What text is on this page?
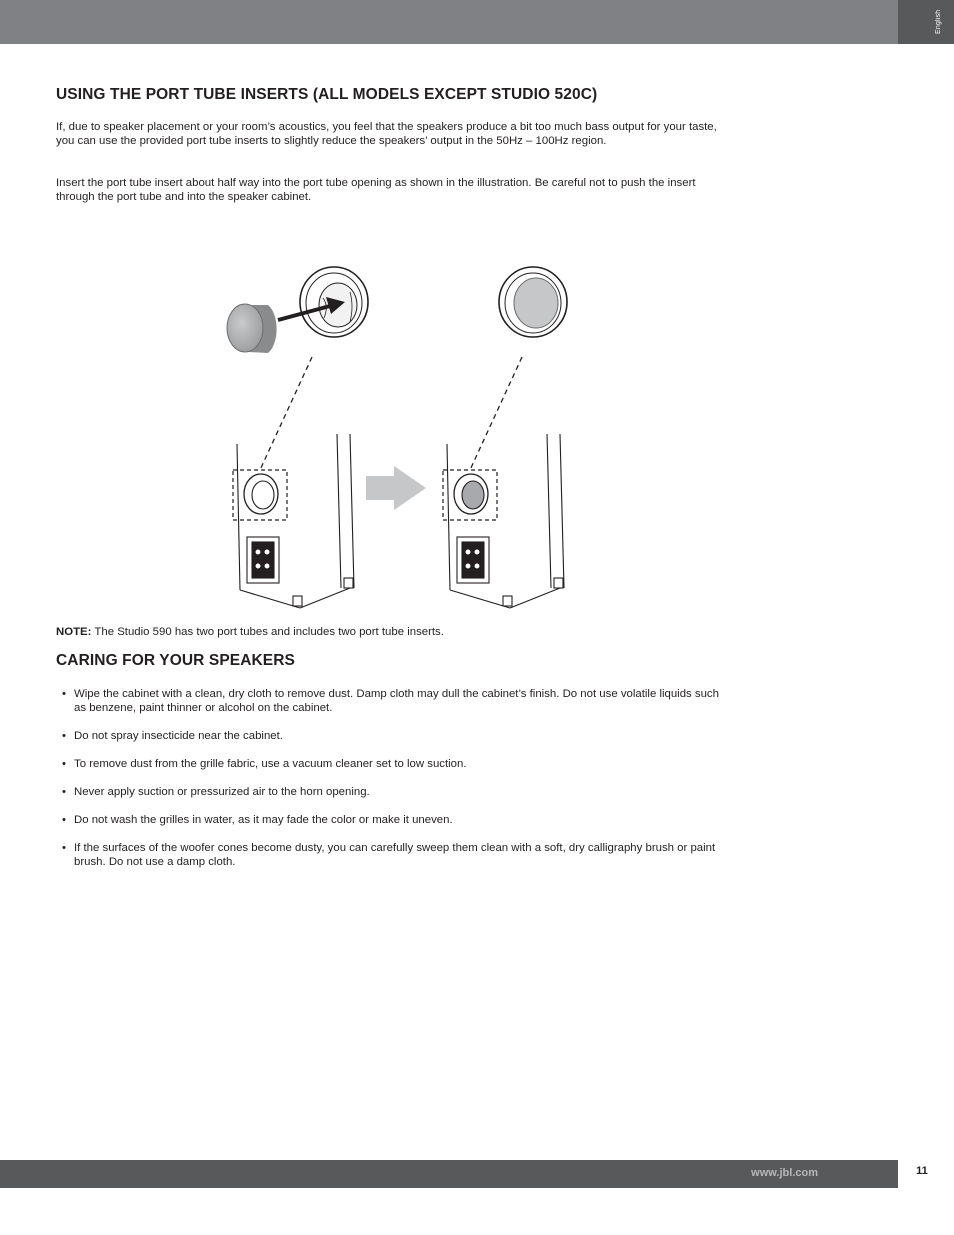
English
USING THE PORT TUBE INSERTS (ALL MODELS EXCEPT STUDIO 520C)

If, due to speaker placement or your room’s acoustics, you feel that the speakers produce a bit too much bass output for your taste, you can use the provided port tube inserts to slightly reduce the speakers’ output in the 50Hz – 100Hz region.

Insert the port tube insert about half way into the port tube opening as shown in the illustration. Be careful not to push the insert through the port tube and into the speaker cabinet.

NOTE: The Studio 590 has two port tubes and includes two port tube inserts.

CARING FOR YOUR SPEAKERS
• Wipe the cabinet with a clean, dry cloth to remove dust. Damp cloth may dull the cabinet’s finish. Do not use volatile liquids such as benzene, paint thinner or alcohol on the cabinet.
• Do not spray insecticide near the cabinet.
• To remove dust from the grille fabric, use a vacuum cleaner set to low suction.
• Never apply suction or pressurized air to the horn opening.
• Do not wash the grilles in water, as it may fade the color or make it uneven.
• If the surfaces of the woofer cones become dusty, you can carefully sweep them clean with a soft, dry calligraphy brush or paint brush. Do not use a damp cloth.
www.jbl.com	11
